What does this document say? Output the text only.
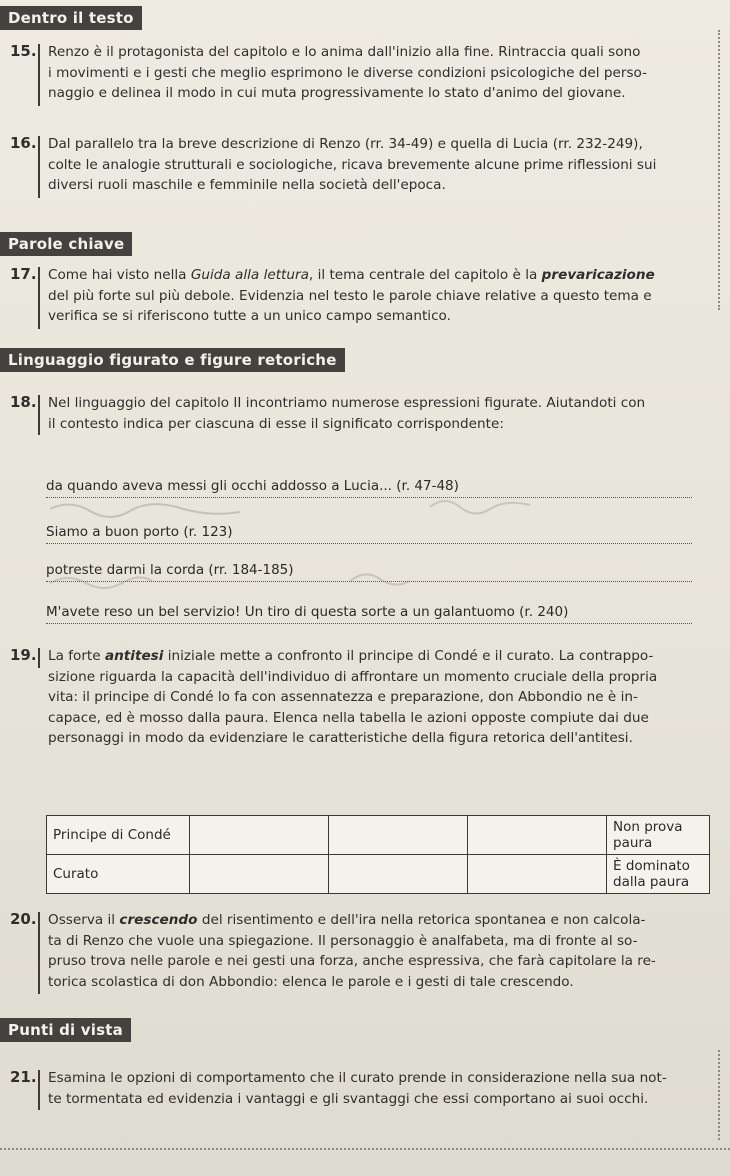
Dentro il testo
15. Renzo è il protagonista del capitolo e lo anima dall'inizio alla fine. Rintraccia quali sono
i movimenti e i gesti che meglio esprimono le diverse condizioni psicologiche del perso-
naggio e delinea il modo in cui muta progressivamente lo stato d'animo del giovane.
16. Dal parallelo tra la breve descrizione di Renzo (rr. 34-49) e quella di Lucia (rr. 232-249),
colte le analogie strutturali e sociologiche, ricava brevemente alcune prime riflessioni sui
diversi ruoli maschile e femminile nella società dell'epoca.
Parole chiave
17. Come hai visto nella Guida alla lettura, il tema centrale del capitolo è la prevaricazione
del più forte sul più debole. Evidenzia nel testo le parole chiave relative a questo tema e
verifica se si riferiscono tutte a un unico campo semantico.
Linguaggio figurato e figure retoriche
18. Nel linguaggio del capitolo II incontriamo numerose espressioni figurate. Aiutandoti con
il contesto indica per ciascuna di esse il significato corrispondente:
da quando aveva messi gli occhi addosso a Lucia... (r. 47-48)
Siamo a buon porto (r. 123)
potreste darmi la corda (rr. 184-185)
M'avete reso un bel servizio! Un tiro di questa sorte a un galantuomo (r. 240)
19. La forte antitesi iniziale mette a confronto il principe di Condé e il curato. La contrappo-
sizione riguarda la capacità dell'individuo di affrontare un momento cruciale della propria
vita: il principe di Condé lo fa con assennatezza e preparazione, don Abbondio ne è in-
capace, ed è mosso dalla paura. Elenca nella tabella le azioni opposte compiute dai due
personaggi in modo da evidenziare le caratteristiche della figura retorica dell'antitesi.
Principe di Condé				Non prova paura
Curato				È dominato dalla paura
20. Osserva il crescendo del risentimento e dell'ira nella retorica spontanea e non calcola-
ta di Renzo che vuole una spiegazione. Il personaggio è analfabeta, ma di fronte al so-
pruso trova nelle parole e nei gesti una forza, anche espressiva, che farà capitolare la re-
torica scolastica di don Abbondio: elenca le parole e i gesti di tale crescendo.
Punti di vista
21. Esamina le opzioni di comportamento che il curato prende in considerazione nella sua not-
te tormentata ed evidenzia i vantaggi e gli svantaggi che essi comportano ai suoi occhi.
